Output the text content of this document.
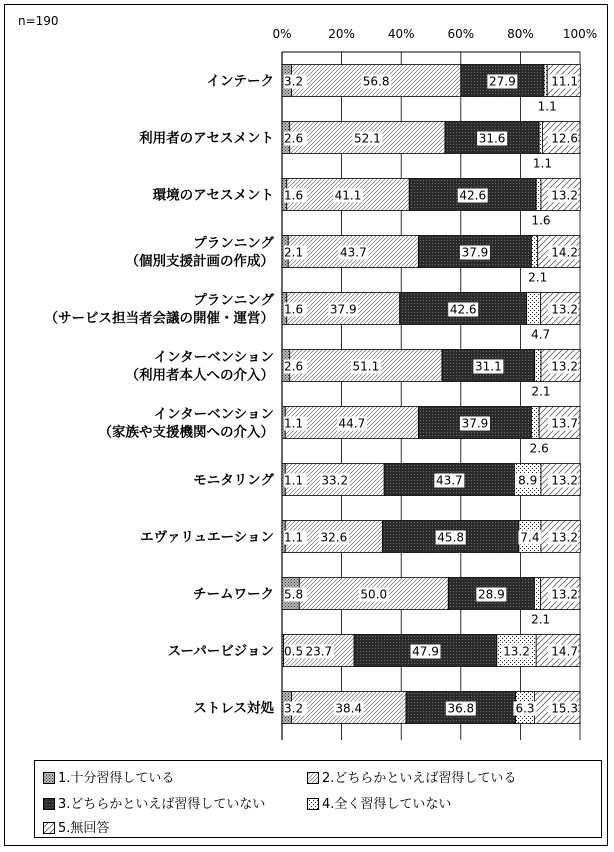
n=190
0%	20%	40%	60%	80% 100%
インテーク
利用者のアセスメント
環境のアセスメント
プランニング
（個別支援計画の作成）
プランニング
（サービス担当者会議の開催・運営）
インターベンション
（利用者本人への介入）
インターベンション
（家族や支援機関への介入）
モニタリング
エヴァリュエーション
チームワーク
スーパービジョン
ストレス対処
3.2	56.8	27.9
1.1
11.1
2.6	52.1	31.6
1.1
12.6
1.6	41.1	42.6
1.6
13.2
2.1	43.7	37.9
2.1
14.2
1.6 37.9	42.6
4.7
13.2
2.6	51.1	31.1
2.1
13.2
1.1	44.7	37.9
2.6
13.7
1.1 33.2	43.7	8.9 13.2
1.1 32.6	45.8	7.4 13.2
5.8	50.0	28.9
2.1
13.2
0.5 23.7	47.9	13.2 14.7
3.2	38.4	36.8	6.3 15.3
1.十分習得している	2.どちらかといえば習得している
3.どちらかといえば習得していない	4.全く習得していない
5.無回答
